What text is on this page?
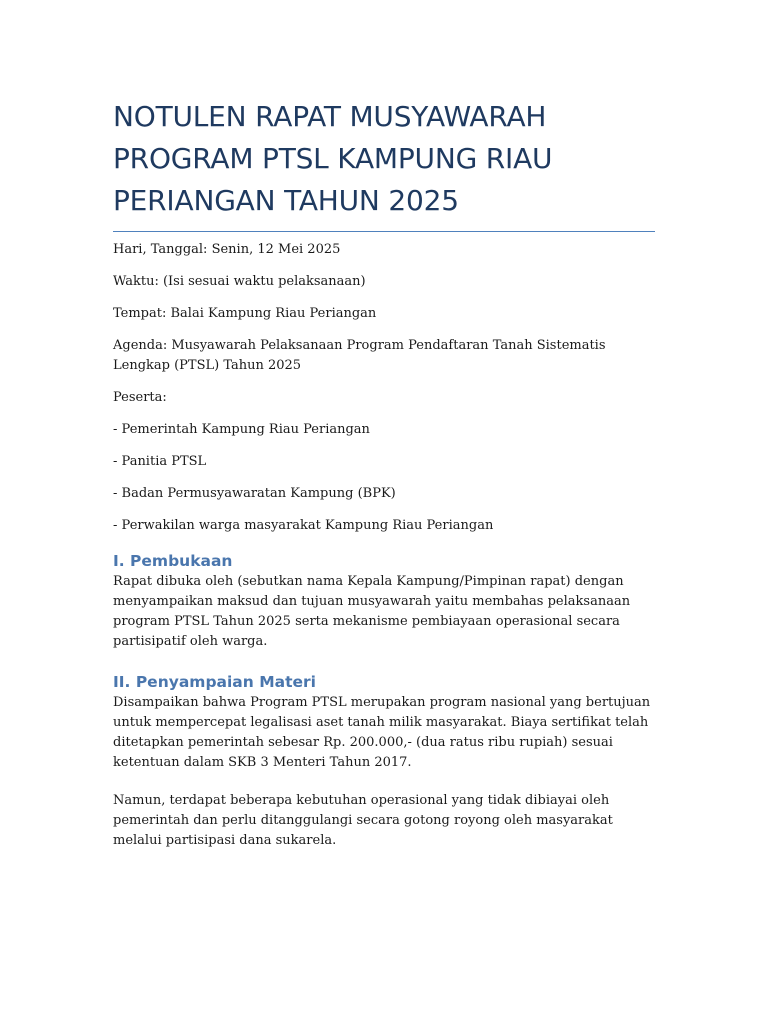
NOTULEN RAPAT MUSYAWARAH
PROGRAM PTSL KAMPUNG RIAU
PERIANGAN TAHUN 2025

Hari, Tanggal: Senin, 12 Mei 2025

Waktu: (Isi sesuai waktu pelaksanaan)

Tempat: Balai Kampung Riau Periangan

Agenda: Musyawarah Pelaksanaan Program Pendaftaran Tanah Sistematis Lengkap (PTSL) Tahun 2025

Peserta:

- Pemerintah Kampung Riau Periangan

- Panitia PTSL

- Badan Permusyawaratan Kampung (BPK)

- Perwakilan warga masyarakat Kampung Riau Periangan

I. Pembukaan

Rapat dibuka oleh (sebutkan nama Kepala Kampung/Pimpinan rapat) dengan menyampaikan maksud dan tujuan musyawarah yaitu membahas pelaksanaan program PTSL Tahun 2025 serta mekanisme pembiayaan operasional secara partisipatif oleh warga.

II. Penyampaian Materi

Disampaikan bahwa Program PTSL merupakan program nasional yang bertujuan untuk mempercepat legalisasi aset tanah milik masyarakat. Biaya sertifikat telah ditetapkan pemerintah sebesar Rp. 200.000,- (dua ratus ribu rupiah) sesuai ketentuan dalam SKB 3 Menteri Tahun 2017.

Namun, terdapat beberapa kebutuhan operasional yang tidak dibiayai oleh pemerintah dan perlu ditanggulangi secara gotong royong oleh masyarakat melalui partisipasi dana sukarela.
